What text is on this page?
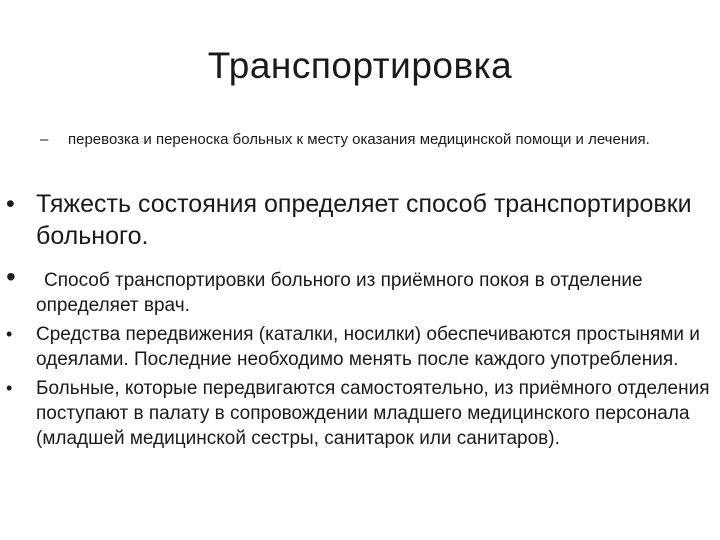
Транспортировка
–	перевозка и переноска больных к месту оказания медицинской помощи и лечения.
• Тяжесть состояния определяет способ транспортировки больного.
• Способ транспортировки больного из приёмного покоя в отделение определяет врач.
• Средства передвижения (каталки, носилки) обеспечиваются простынями и одеялами. Последние необходимо менять после каждого употребления.
• Больные, которые передвигаются самостоятельно, из приёмного отделения поступают в палату в сопровождении младшего медицинского персонала (младшей медицинской сестры, санитарок или санитаров).
